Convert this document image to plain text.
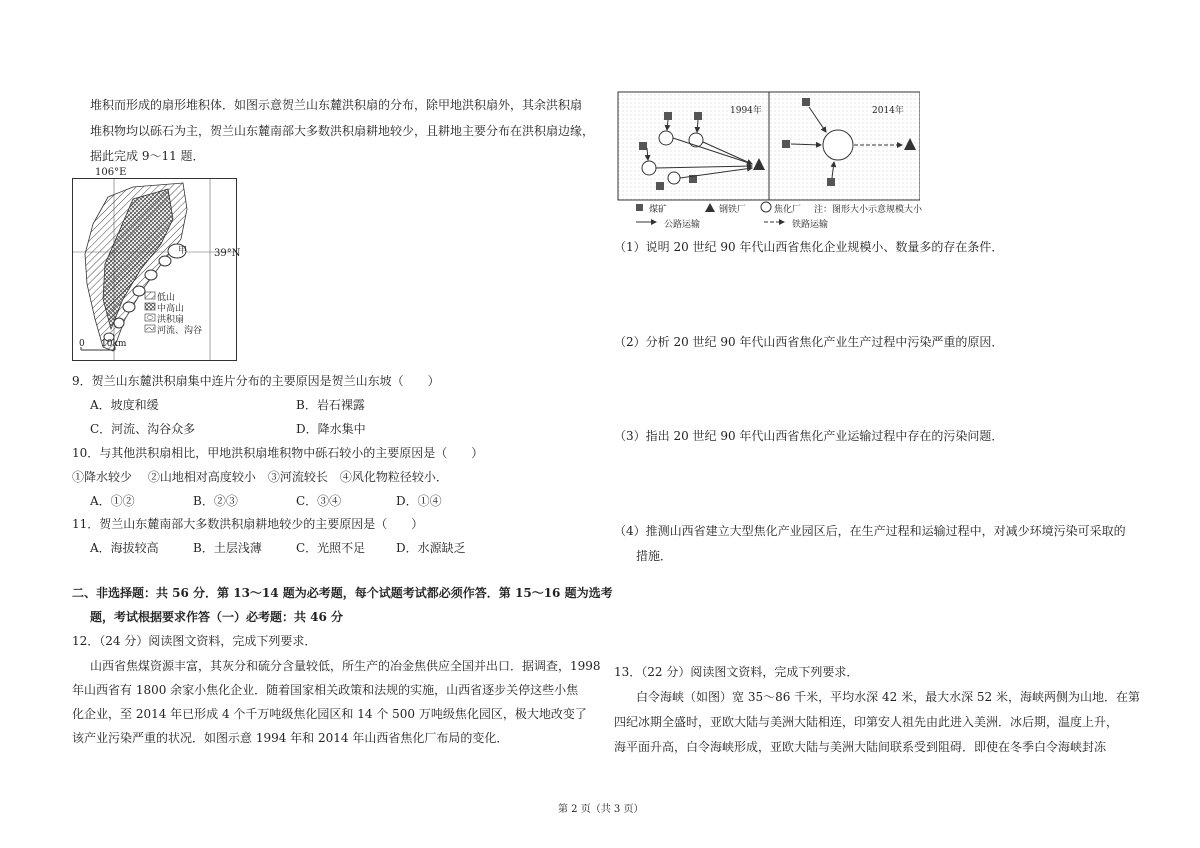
堆积而形成的扇形堆积体．如图示意贺兰山东麓洪积扇的分布，除甲地洪积扇外，其余洪积扇
堆积物均以砾石为主，贺兰山东麓南部大多数洪积扇耕地较少，且耕地主要分布在洪积扇边缘，
据此完成 9～11 题．
106°E
甲
低山
中高山
洪积扇
河流、沟谷
0 10km
39°N
9．贺兰山东麓洪积扇集中连片分布的主要原因是贺兰山东坡（　　）
A．坡度和缓	B．岩石裸露
C．河流、沟谷众多	D．降水集中
10．与其他洪积扇相比，甲地洪积扇堆积物中砾石较小的主要原因是（　　）
①降水较少　 ②山地相对高度较小　③河流较长　④风化物粒径较小．
A．①②	B．②③	C．③④	D．①④
11．贺兰山东麓南部大多数洪积扇耕地较少的主要原因是（　　）
A．海拔较高	B．土层浅薄	C．光照不足	D．水源缺乏
二、非选择题：共 56 分．第 13～14 题为必考题，每个试题考试都必须作答．第 15～16 题为选考
题，考试根据要求作答（一）必考题：共 46 分
12．（24 分）阅读图文资料，完成下列要求．
山西省焦煤资源丰富，其灰分和硫分含量较低，所生产的冶金焦供应全国并出口．据调查，1998
年山西省有 1800 余家小焦化企业．随着国家相关政策和法规的实施，山西省逐步关停这些小焦
化企业，至 2014 年已形成 4 个千万吨级焦化园区和 14 个 500 万吨级焦化园区，极大地改变了
该产业污染严重的状况．如图示意 1994 年和 2014 年山西省焦化厂布局的变化．
1994年	2014年
煤矿	钢铁厂	焦化厂 注：图形大小示意规模大小
公路运输	铁路运输
（1）说明 20 世纪 90 年代山西省焦化企业规模小、数量多的存在条件．
（2）分析 20 世纪 90 年代山西省焦化产业生产过程中污染严重的原因．
（3）指出 20 世纪 90 年代山西省焦化产业运输过程中存在的污染问题．
（4）推测山西省建立大型焦化产业园区后，在生产过程和运输过程中，对减少环境污染可采取的
措施．
13．（22 分）阅读图文资料，完成下列要求．
白令海峡（如图）宽 35～86 千米，平均水深 42 米，最大水深 52 米，海峡两侧为山地．在第
四纪冰期全盛时，亚欧大陆与美洲大陆相连，印第安人祖先由此进入美洲．冰后期，温度上升，
海平面升高，白令海峡形成，亚欧大陆与美洲大陆间联系受到阻碍．即使在冬季白令海峡封冻
第 2 页（共 3 页）
